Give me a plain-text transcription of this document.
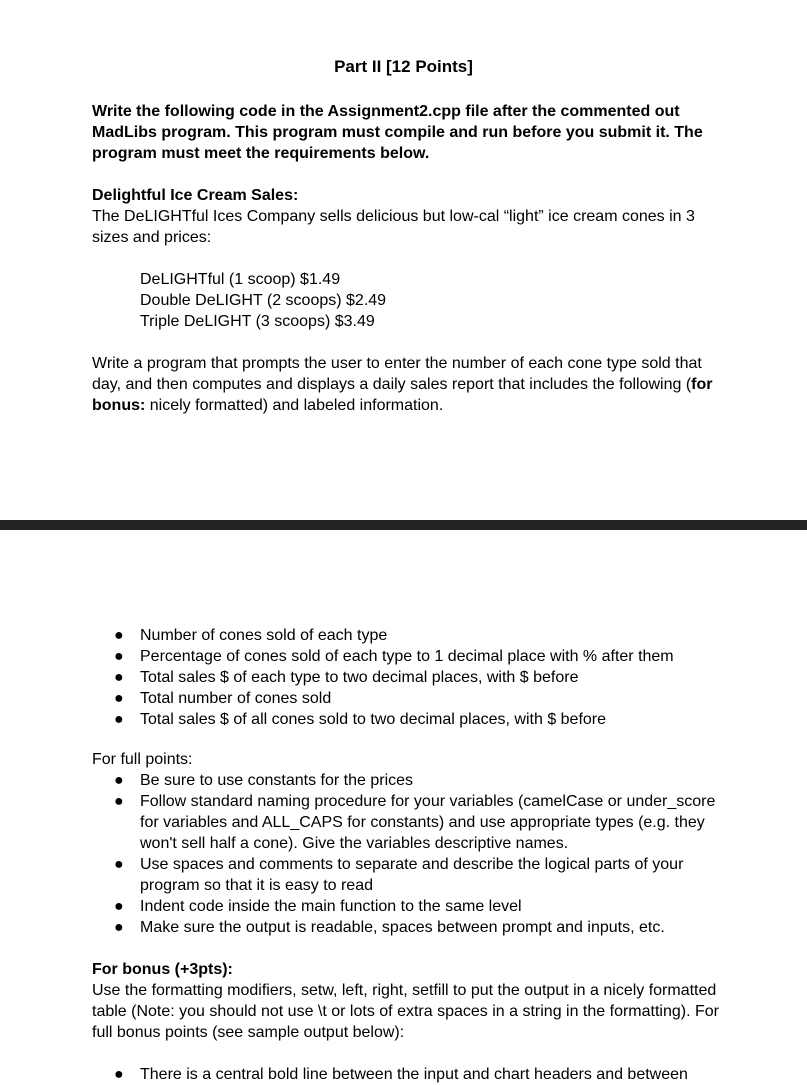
Part II [12 Points]

Write the following code in the Assignment2.cpp file after the commented out MadLibs program. This program must compile and run before you submit it. The program must meet the requirements below.

Delightful Ice Cream Sales:

The DeLIGHTful Ices Company sells delicious but low-cal “light” ice cream cones in 3 sizes and prices:

DeLIGHTful (1 scoop) $1.49

Double DeLIGHT (2 scoops) $2.49

Triple DeLIGHT (3 scoops) $3.49

Write a program that prompts the user to enter the number of each cone type sold that day, and then computes and displays a daily sales report that includes the following (for bonus: nicely formatted) and labeled information.

● Number of cones sold of each type
● Percentage of cones sold of each type to 1 decimal place with % after them
● Total sales $ of each type to two decimal places, with $ before
● Total number of cones sold
● Total sales $ of all cones sold to two decimal places, with $ before

For full points:

● Be sure to use constants for the prices
● Follow standard naming procedure for your variables (camelCase or under_score for variables and ALL_CAPS for constants) and use appropriate types (e.g. they won't sell half a cone). Give the variables descriptive names.
● Use spaces and comments to separate and describe the logical parts of your program so that it is easy to read
● Indent code inside the main function to the same level
● Make sure the output is readable, spaces between prompt and inputs, etc.

For bonus (+3pts):

Use the formatting modifiers, setw, left, right, setfill to put the output in a nicely formatted table (Note: you should not use \t or lots of extra spaces in a string in the formatting). For full bonus points (see sample output below):

● There is a central bold line between the input and chart headers and between
